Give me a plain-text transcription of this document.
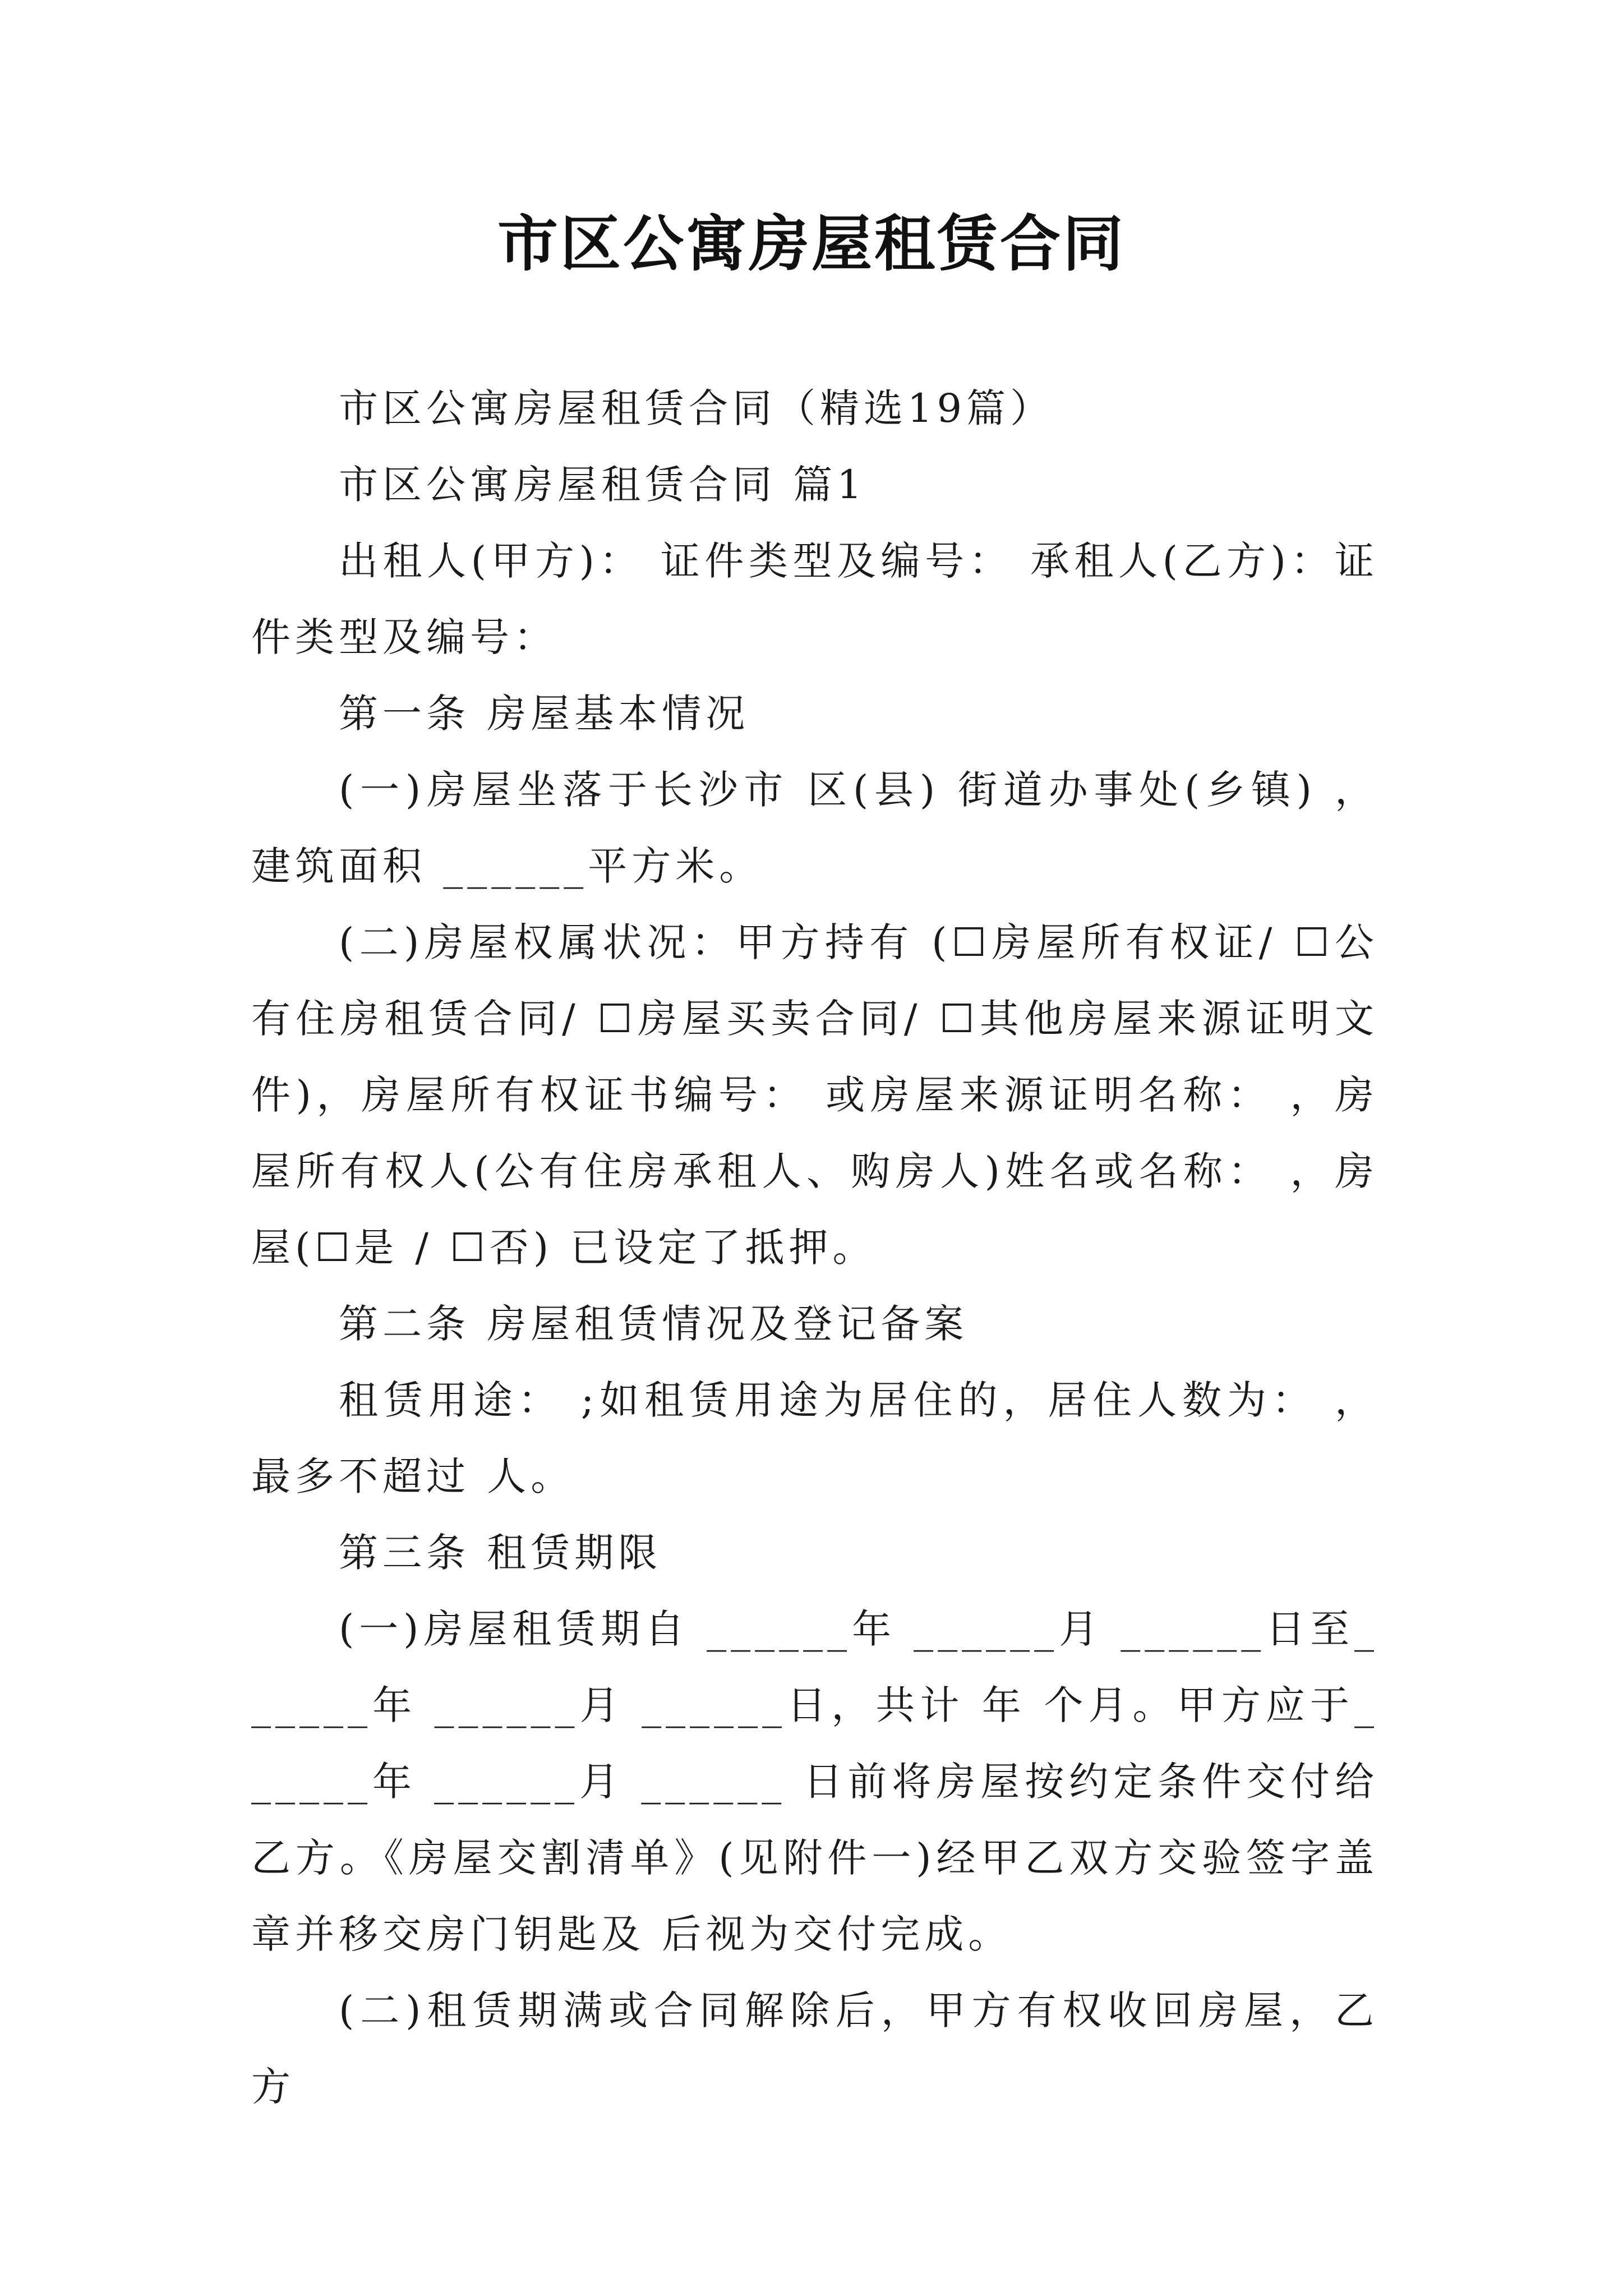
市区公寓房屋租赁合同

市区公寓房屋租赁合同（精选19篇）

市区公寓房屋租赁合同 篇1

出租人(甲方)： 证件类型及编号： 承租人(乙方)：证件类型及编号：

第一条 房屋基本情况

(一)房屋坐落于长沙市 区(县) 街道办事处(乡镇) ，建筑面积 ______平方米。

(二)房屋权属状况：甲方持有 (☐房屋所有权证/ ☐公有住房租赁合同/ ☐房屋买卖合同/ ☐其他房屋来源证明文件)，房屋所有权证书编号： 或房屋来源证明名称： ，房屋所有权人(公有住房承租人、购房人)姓名或名称： ，房屋(☐是 / ☐否) 已设定了抵押。

第二条 房屋租赁情况及登记备案

租赁用途： ;如租赁用途为居住的，居住人数为： ，最多不超过 人。

第三条 租赁期限

(一)房屋租赁期自 ______年 ______月 ______日至______年 ______月 ______日，共计 年 个月。甲方应于______年 ______月 ______ 日前将房屋按约定条件交付给乙方。《房屋交割清单》(见附件一)经甲乙双方交验签字盖章并移交房门钥匙及 后视为交付完成。

(二)租赁期满或合同解除后，甲方有权收回房屋，乙方
